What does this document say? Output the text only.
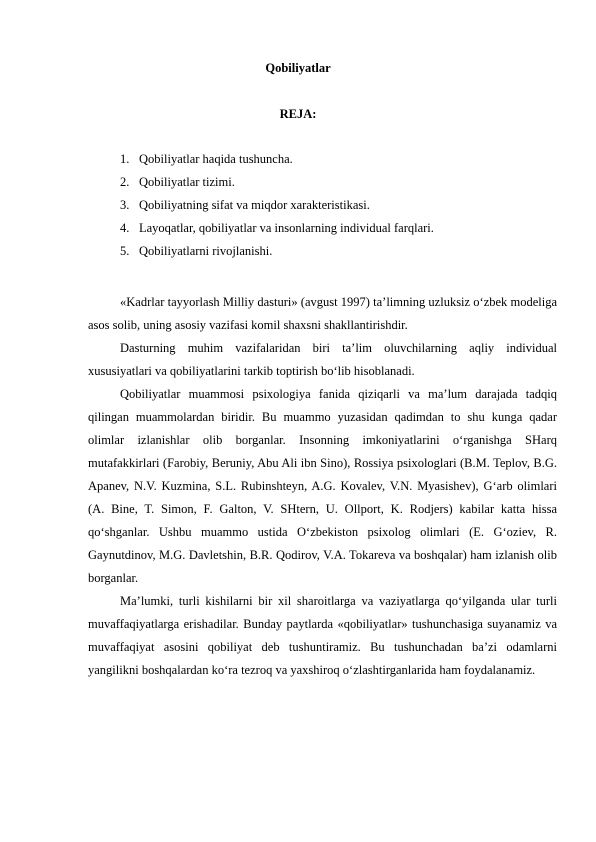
Qobiliyatlar
REJA:
1. Qobiliyatlar haqida tushuncha.
2. Qobiliyatlar tizimi.
3. Qobiliyatning sifat va miqdor xarakteristikasi.
4. Layoqatlar, qobiliyatlar va insonlarning individual farqlari.
5. Qobiliyatlarni rivojlanishi.

«Kadrlar tayyorlash Milliy dasturi» (avgust 1997) ta’limning uzluksiz o‘zbek modeliga asos solib, uning asosiy vazifasi komil shaxsni shakllantirishdir.

Dasturning muhim vazifalaridan biri ta’lim oluvchilarning aqliy individual xususiyatlari va qobiliyatlarini tarkib toptirish bo‘lib hisoblanadi.

Qobiliyatlar muammosi psixologiya fanida qiziqarli va ma’lum darajada tadqiq qilingan muammolardan biridir. Bu muammo yuzasidan qadimdan to shu kunga qadar olimlar izlanishlar olib borganlar. Insonning imkoniyatlarini o‘rganishga SHarq mutafakkirlari (Farobiy, Beruniy, Abu Ali ibn Sino), Rossiya psixologlari (B.M. Teplov, B.G. Apanev, N.V. Kuzmina, S.L. Rubinshteyn, A.G. Kovalev, V.N. Myasishev), G‘arb olimlari (A. Bine, T. Simon, F. Galton, V. SHtern, U. Ollport, K. Rodjers) kabilar katta hissa qo‘shganlar. Ushbu muammo ustida O‘zbekiston psixolog olimlari (E. G‘oziev, R. Gaynutdinov, M.G. Davletshin, B.R. Qodirov, V.A. Tokareva va boshqalar) ham izlanish olib borganlar.

Ma’lumki, turli kishilarni bir xil sharoitlarga va vaziyatlarga qo‘yilganda ular turli muvaffaqiyatlarga erishadilar. Bunday paytlarda «qobiliyatlar» tushunchasiga suyanamiz va muvaffaqiyat asosini qobiliyat deb tushuntiramiz. Bu tushunchadan ba’zi odamlarni yangilikni boshqalardan ko‘ra tezroq va yaxshiroq o‘zlashtirganlarida ham foydalanamiz.
